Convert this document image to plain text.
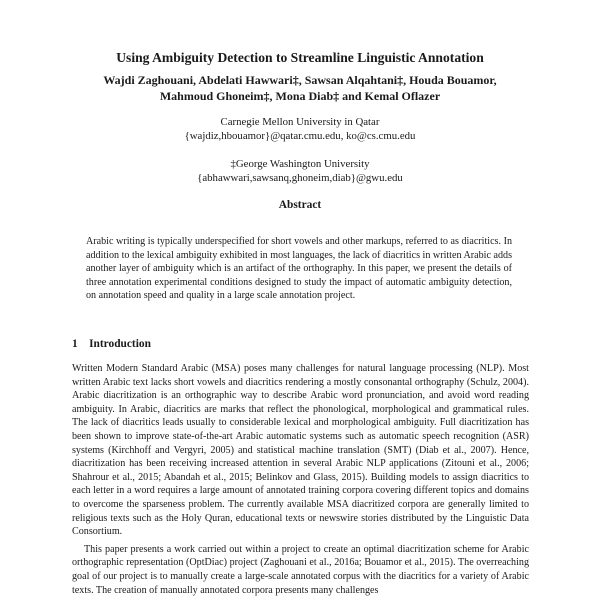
Using Ambiguity Detection to Streamline Linguistic Annotation
Wajdi Zaghouani, Abdelati Hawwari‡, Sawsan Alqahtani‡, Houda Bouamor,
Mahmoud Ghoneim‡, Mona Diab‡ and Kemal Oflazer
Carnegie Mellon University in Qatar
{wajdiz,hbouamor}@qatar.cmu.edu, ko@cs.cmu.edu
‡George Washington University
{abhawwari,sawsanq,ghoneim,diab}@gwu.edu
Abstract
Arabic writing is typically underspecified for short vowels and other markups, referred to as diacritics. In addition to the lexical ambiguity exhibited in most languages, the lack of diacritics in written Arabic adds another layer of ambiguity which is an artifact of the orthography. In this paper, we present the details of three annotation experimental conditions designed to study the impact of automatic ambiguity detection, on annotation speed and quality in a large scale annotation project.
1 Introduction

Written Modern Standard Arabic (MSA) poses many challenges for natural language processing (NLP). Most written Arabic text lacks short vowels and diacritics rendering a mostly consonantal orthography (Schulz, 2004). Arabic diacritization is an orthographic way to describe Arabic word pronunciation, and avoid word reading ambiguity. In Arabic, diacritics are marks that reflect the phonological, morphological and grammatical rules. The lack of diacritics leads usually to considerable lexical and morphological ambiguity. Full diacritization has been shown to improve state-of-the-art Arabic automatic systems such as automatic speech recognition (ASR) systems (Kirchhoff and Vergyri, 2005) and statistical machine translation (SMT) (Diab et al., 2007). Hence, diacritization has been receiving increased attention in several Arabic NLP applications (Zitouni et al., 2006; Shahrour et al., 2015; Abandah et al., 2015; Belinkov and Glass, 2015). Building models to assign diacritics to each letter in a word requires a large amount of annotated training corpora covering different topics and domains to overcome the sparseness problem. The currently available MSA diacritized corpora are generally limited to religious texts such as the Holy Quran, educational texts or newswire stories distributed by the Linguistic Data Consortium.

This paper presents a work carried out within a project to create an optimal diacritization scheme for Arabic orthographic representation (OptDiac) project (Zaghouani et al., 2016a; Bouamor et al., 2015). The overreaching goal of our project is to manually create a large-scale annotated corpus with the diacritics for a variety of Arabic texts. The creation of manually annotated corpora presents many challenges
